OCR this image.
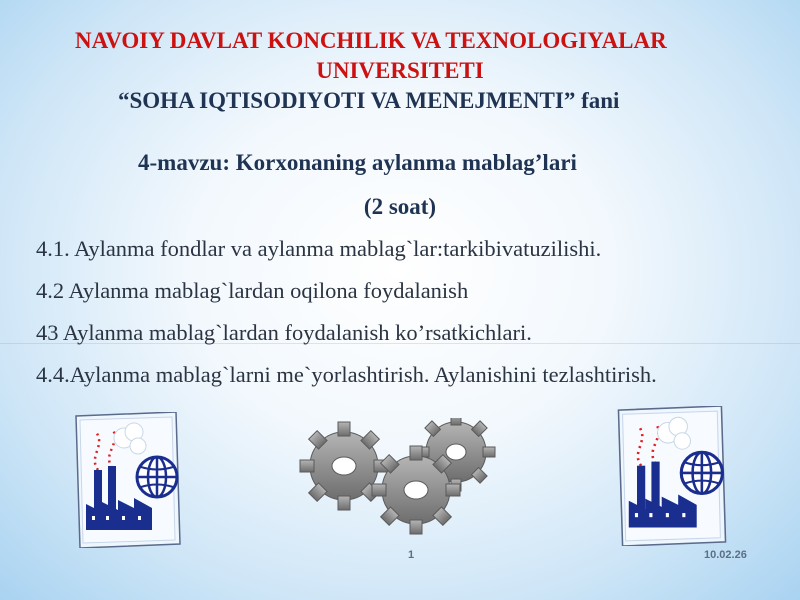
NAVOIY DAVLAT KONCHILIK VA TEXNOLOGIYALAR
UNIVERSITETI
“SOHA IQTISODIYOTI VA MENEJMENTI” fani
4-mavzu: Korxonaning aylanma mablag’lari
(2 soat)
4.1. Aylanma fondlar va aylanma mablag`lar:tarkibivatuzilishi.
4.2 Aylanma mablag`lardan oqilona foydalanish
43 Aylanma mablag`lardan foydalanish ko’rsatkichlari.
4.4.Aylanma mablag`larni me`yorlashtirish. Aylanishini tezlashtirish.
1	10.02.26
